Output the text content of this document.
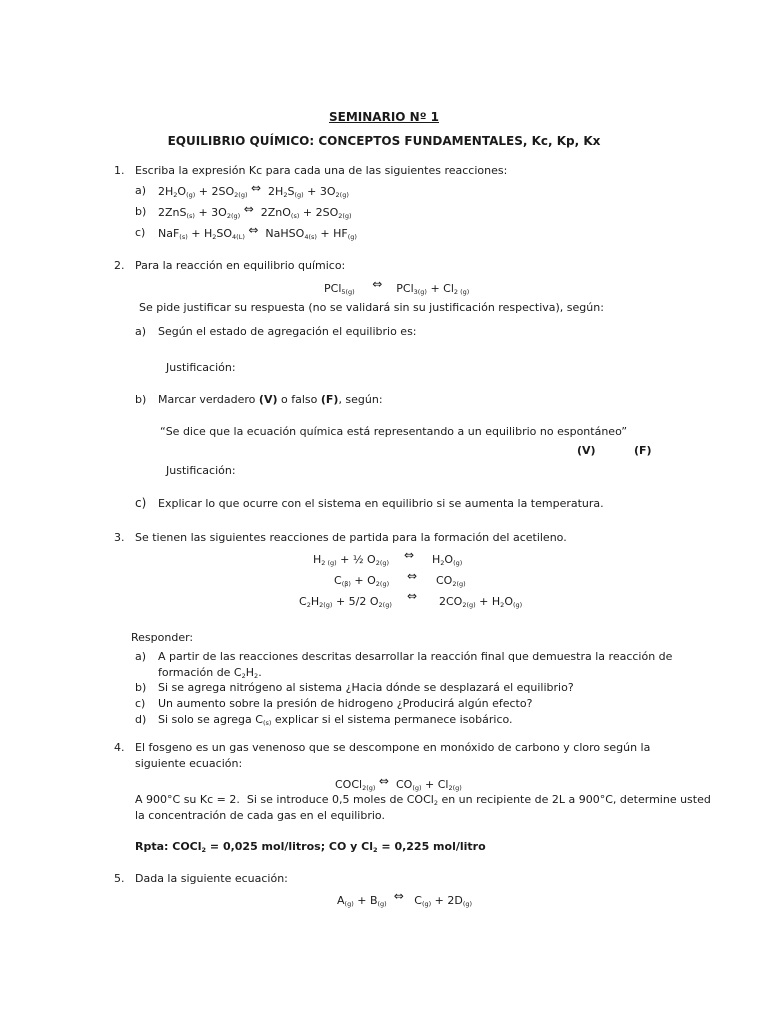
SEMINARIO Nº 1
EQUILIBRIO QUÍMICO: CONCEPTOS FUNDAMENTALES, Kc, Kp, Kx
1. Escriba la expresión Kc para cada una de las siguientes reacciones:
a) $2H_2O_{(g)} + 2SO_{2(g)}$ ⇔  $2H_2S_{(g)} + 3O_{2(g)}$
b) $2ZnS_{(s)} + 3O_{2(g)}$ ⇔  $2ZnO_{(s)} + 2SO_{2(g)}$
c) $NaF_{(s)} + H_2SO_{4(L)}$ ⇔  NaHSO$_{4(s)}$ + $HF_{(g)}$
2. Para la reacción en equilibrio químico:
PCl$_{5(g)}$     ⇔    $PCl_{3(g)} + Cl_{2 (g)}$
Se pide justificar su respuesta (no se validará sin su justificación respectiva), según:
a) Según el estado de agregación el equilibrio es:
Justificación:
b) Marcar verdadero (V) o falso (F), según:
“Se dice que la ecuación química está representando a un equilibrio no espontáneo”
(V)	(F)
Justificación:
c) Explicar lo que ocurre con el sistema en equilibrio si se aumenta la temperatura.
3. Se tienen las siguientes reacciones de partida para la formación del acetileno.
$H_{2 (g)}$ + ½ $O_{2(g)}$
⇔ $H_2O_{(g)}$
$C_{(\beta)} + O_{2(g)}$
⇔ $CO_{2(g)}$
$C_2H_{2(g)} + 5/2$ $O_{2(g)}$
⇔ $2CO_{2(g)} + H_2O_{(g)}$
Responder:
a) A partir de las reacciones descritas desarrollar la reacción final que demuestra la reacción de
formación de $C_2H_2$.
b) Si se agrega nitrógeno al sistema ¿Hacia dónde se desplazará el equilibrio?
c) Un aumento sobre la presión de hidrogeno ¿Producirá algún efecto?
d) Si solo se agrega $C_{(s)}$ explicar si el sistema permanece isobárico.
4. El fosgeno es un gas venenoso que se descompone en monóxido de carbono y cloro según la
siguiente ecuación:
COCl$_{2(g)}$ ⇔  $CO_{(g)} + Cl_{2(g)}$
A 900°C su Kc = 2.  Si se introduce 0,5 moles de COCl$_2$ en un recipiente de 2L a 900°C, determine usted
la concentración de cada gas en el equilibrio.
Rpta: COCl$_2$ = 0,025 mol/litros; CO y $Cl_2 = 0,225$ mol/litro
5. Dada la siguiente ecuación:
$A_{(g)} + B_{(g)}$  ⇔   $C_{(g)} + 2D_{(g)}$
